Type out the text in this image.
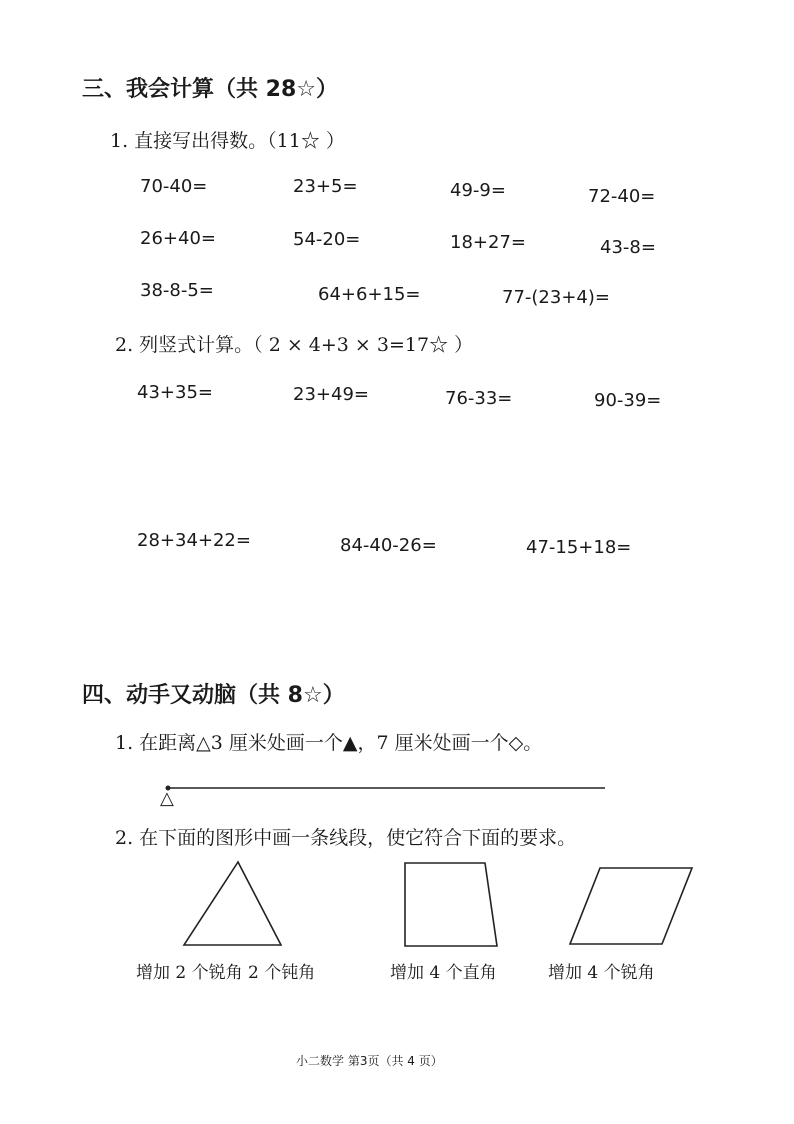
三、我会计算（共 28☆）
1. 直接写出得数。（11☆ ）
70-40=	23+5=	49-9=	72-40=
26+40=	54-20=	18+27=	43-8=
38-8-5=	64+6+15=	77-(23+4)=
2. 列竖式计算。（ 2 × 4+3 × 3=17☆ ）
43+35=	23+49=	76-33=	90-39=
28+34+22=	84-40-26=	47-15+18=
四、动手又动脑（共 8☆）
1. 在距离△3 厘米处画一个▲，7 厘米处画一个◇。
△
2. 在下面的图形中画一条线段，使它符合下面的要求。
增加 2 个锐角 2 个钝角	增加 4 个直角	增加 4 个锐角
小二数学 第3页（共 4 页）
